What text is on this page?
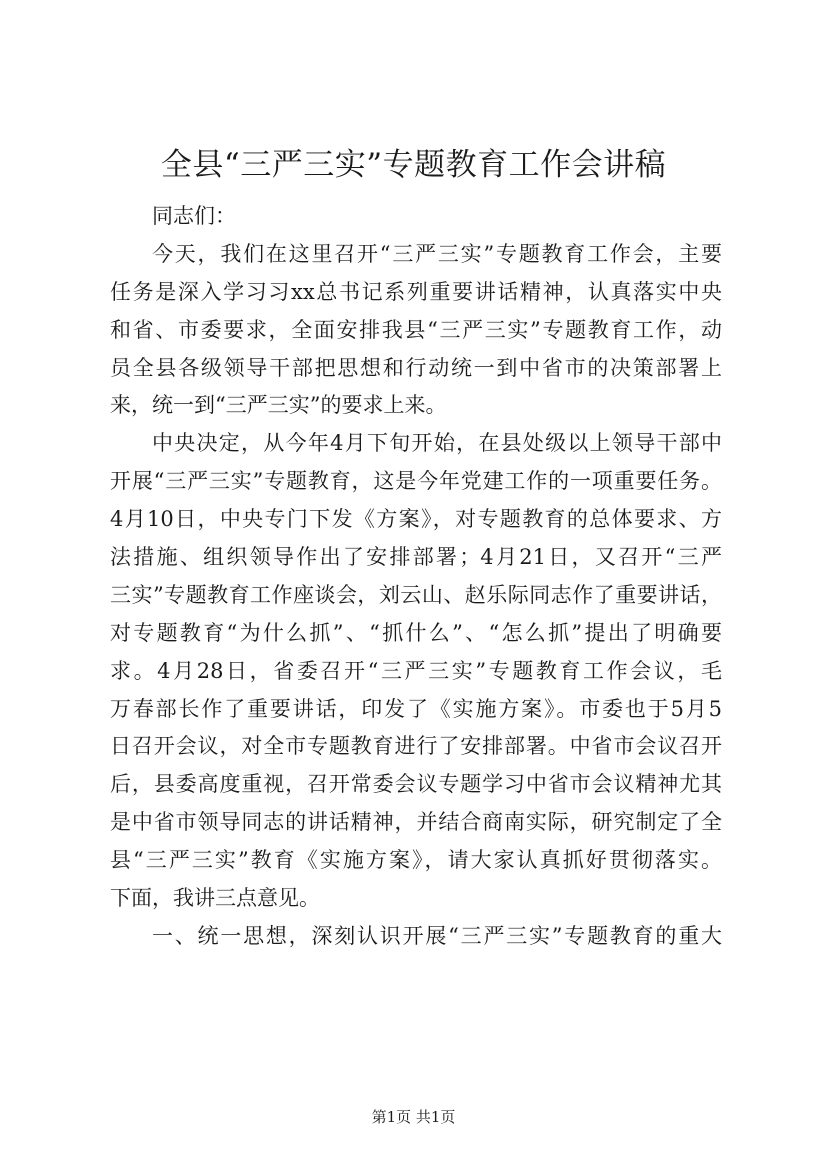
全县“三严三实”专题教育工作会讲稿
同志们：
今天，我们在这里召开“三严三实”专题教育工作会，主要
任务是深入学习习xx总书记系列重要讲话精神，认真落实中央
和省、市委要求，全面安排我县“三严三实”专题教育工作，动
员全县各级领导干部把思想和行动统一到中省市的决策部署上
来，统一到“三严三实”的要求上来。
中央决定，从今年4月下旬开始，在县处级以上领导干部中
开展“三严三实”专题教育，这是今年党建工作的一项重要任务。
4月10日，中央专门下发《方案》，对专题教育的总体要求、方
法措施、组织领导作出了安排部署；4月21日，又召开“三严
三实”专题教育工作座谈会，刘云山、赵乐际同志作了重要讲话，
对专题教育“为什么抓”、“抓什么”、“怎么抓”提出了明确要
求。4月28日，省委召开“三严三实”专题教育工作会议，毛
万春部长作了重要讲话，印发了《实施方案》。市委也于5月5
日召开会议，对全市专题教育进行了安排部署。中省市会议召开
后，县委高度重视，召开常委会议专题学习中省市会议精神尤其
是中省市领导同志的讲话精神，并结合商南实际，研究制定了全
县“三严三实”教育《实施方案》，请大家认真抓好贯彻落实。
下面，我讲三点意见。
一、统一思想，深刻认识开展“三严三实”专题教育的重大
第1页 共1页
